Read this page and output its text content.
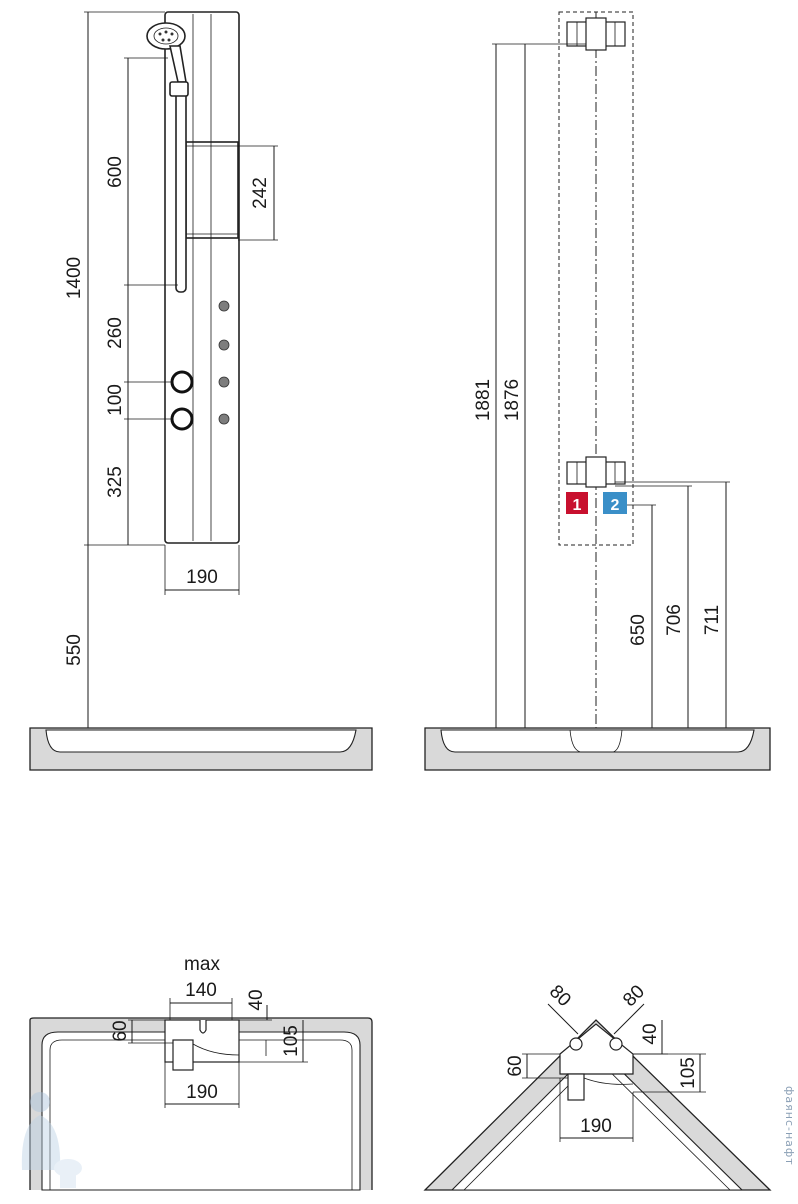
1400
600
260
100
325
242
190
550
1 2
1881 1876
650 706 711
max
140 40
60	105
190
80 80
40
60	105
190	фаянс-нафт
